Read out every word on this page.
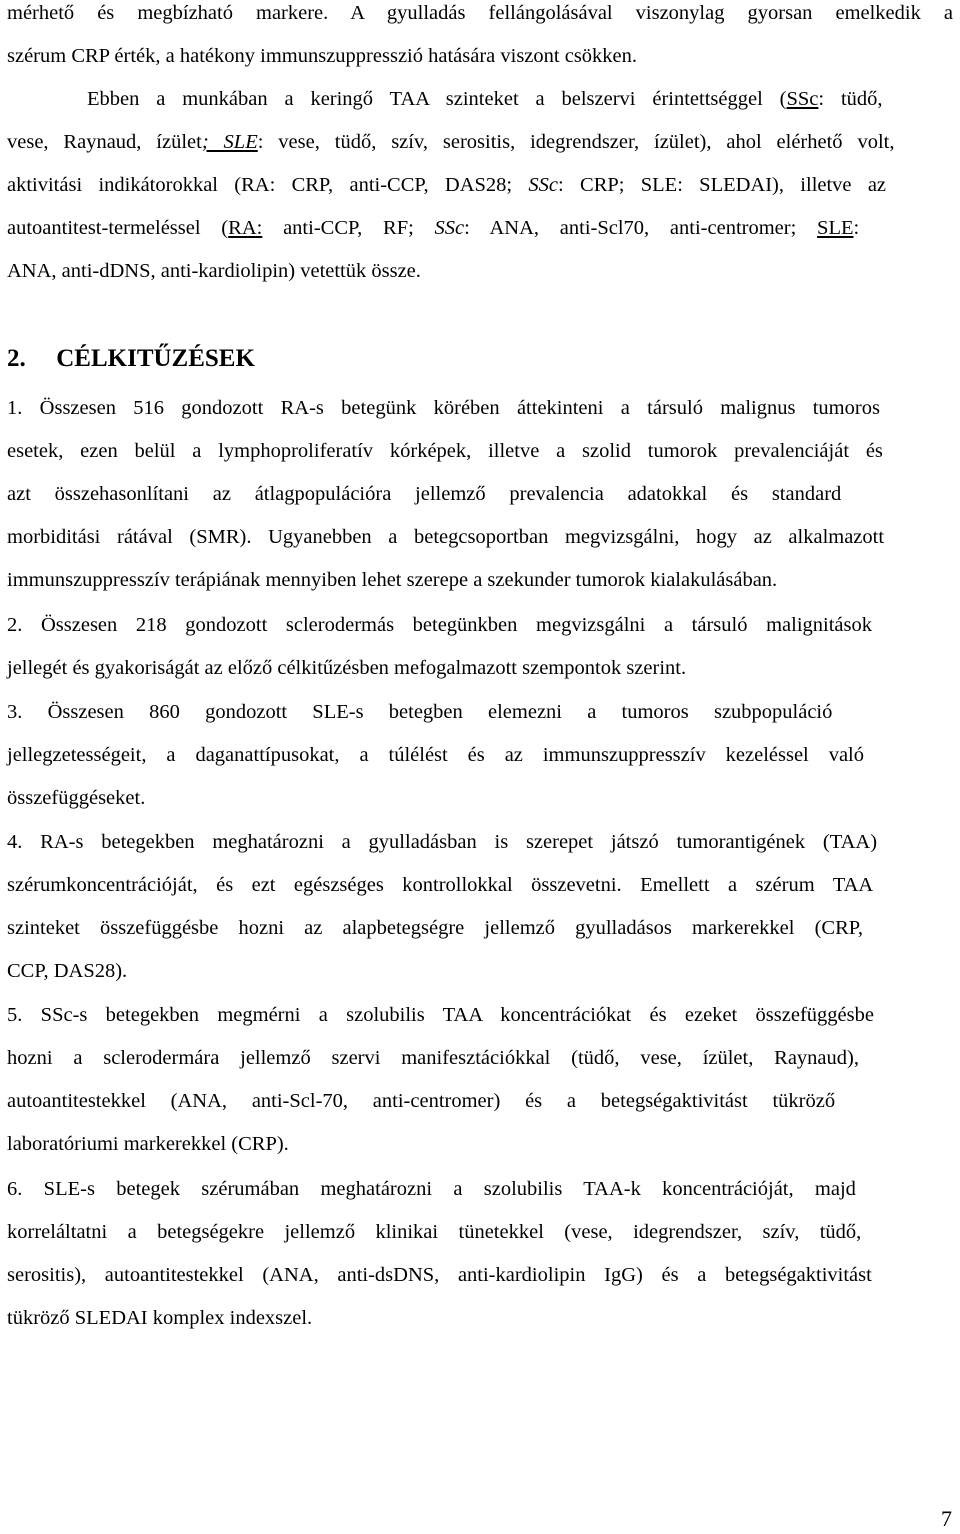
mérhető és megbízható markere. A gyulladás fellángolásával viszonylag gyorsan emelkedik a
szérum CRP érték, a hatékony immunszuppresszió hatására viszont csökken.
Ebben a munkában a keringő TAA szinteket a belszervi érintettséggel (SSc: tüdő,
vese, Raynaud, ízület; SLE: vese, tüdő, szív, serositis, idegrendszer, ízület), ahol elérhető volt,
aktivitási indikátorokkal (RA: CRP, anti-CCP, DAS28; SSc: CRP; SLE: SLEDAI), illetve az
autoantitest-termeléssel (RA: anti-CCP, RF; SSc: ANA, anti-Scl70, anti-centromer; SLE:
ANA, anti-dDNS, anti-kardiolipin) vetettük össze.
2. CÉLKITŰZÉSEK
1. Összesen 516 gondozott RA-s betegünk körében áttekinteni a társuló malignus tumoros
esetek, ezen belül a lymphoproliferatív kórképek, illetve a szolid tumorok prevalenciáját és
azt összehasonlítani az átlagpopulációra jellemző prevalencia adatokkal és standard
morbiditási rátával (SMR). Ugyanebben a betegcsoportban megvizsgálni, hogy az alkalmazott
immunszuppresszív terápiának mennyiben lehet szerepe a szekunder tumorok kialakulásában.
2. Összesen 218 gondozott sclerodermás betegünkben megvizsgálni a társuló malignitások
jellegét és gyakoriságát az előző célkitűzésben mefogalmazott szempontok szerint.
3. Összesen 860 gondozott SLE-s betegben elemezni a tumoros szubpopuláció
jellegzetességeit, a daganattípusokat, a túlélést és az immunszuppresszív kezeléssel való
összefüggéseket.
4. RA-s betegekben meghatározni a gyulladásban is szerepet játszó tumorantigének (TAA)
szérumkoncentrációját, és ezt egészséges kontrollokkal összevetni. Emellett a szérum TAA
szinteket összefüggésbe hozni az alapbetegségre jellemző gyulladásos markerekkel (CRP,
CCP, DAS28).
5. SSc-s betegekben megmérni a szolubilis TAA koncentrációkat és ezeket összefüggésbe
hozni a sclerodermára jellemző szervi manifesztációkkal (tüdő, vese, ízület, Raynaud),
autoantitestekkel (ANA, anti-Scl-70, anti-centromer) és a betegségaktivitást tükröző
laboratóriumi markerekkel (CRP).
6. SLE-s betegek szérumában meghatározni a szolubilis TAA-k koncentrációját, majd
korreláltatni a betegségekre jellemző klinikai tünetekkel (vese, idegrendszer, szív, tüdő,
serositis), autoantitestekkel (ANA, anti-dsDNS, anti-kardiolipin IgG) és a betegségaktivitást
tükröző SLEDAI komplex indexszel.
7
